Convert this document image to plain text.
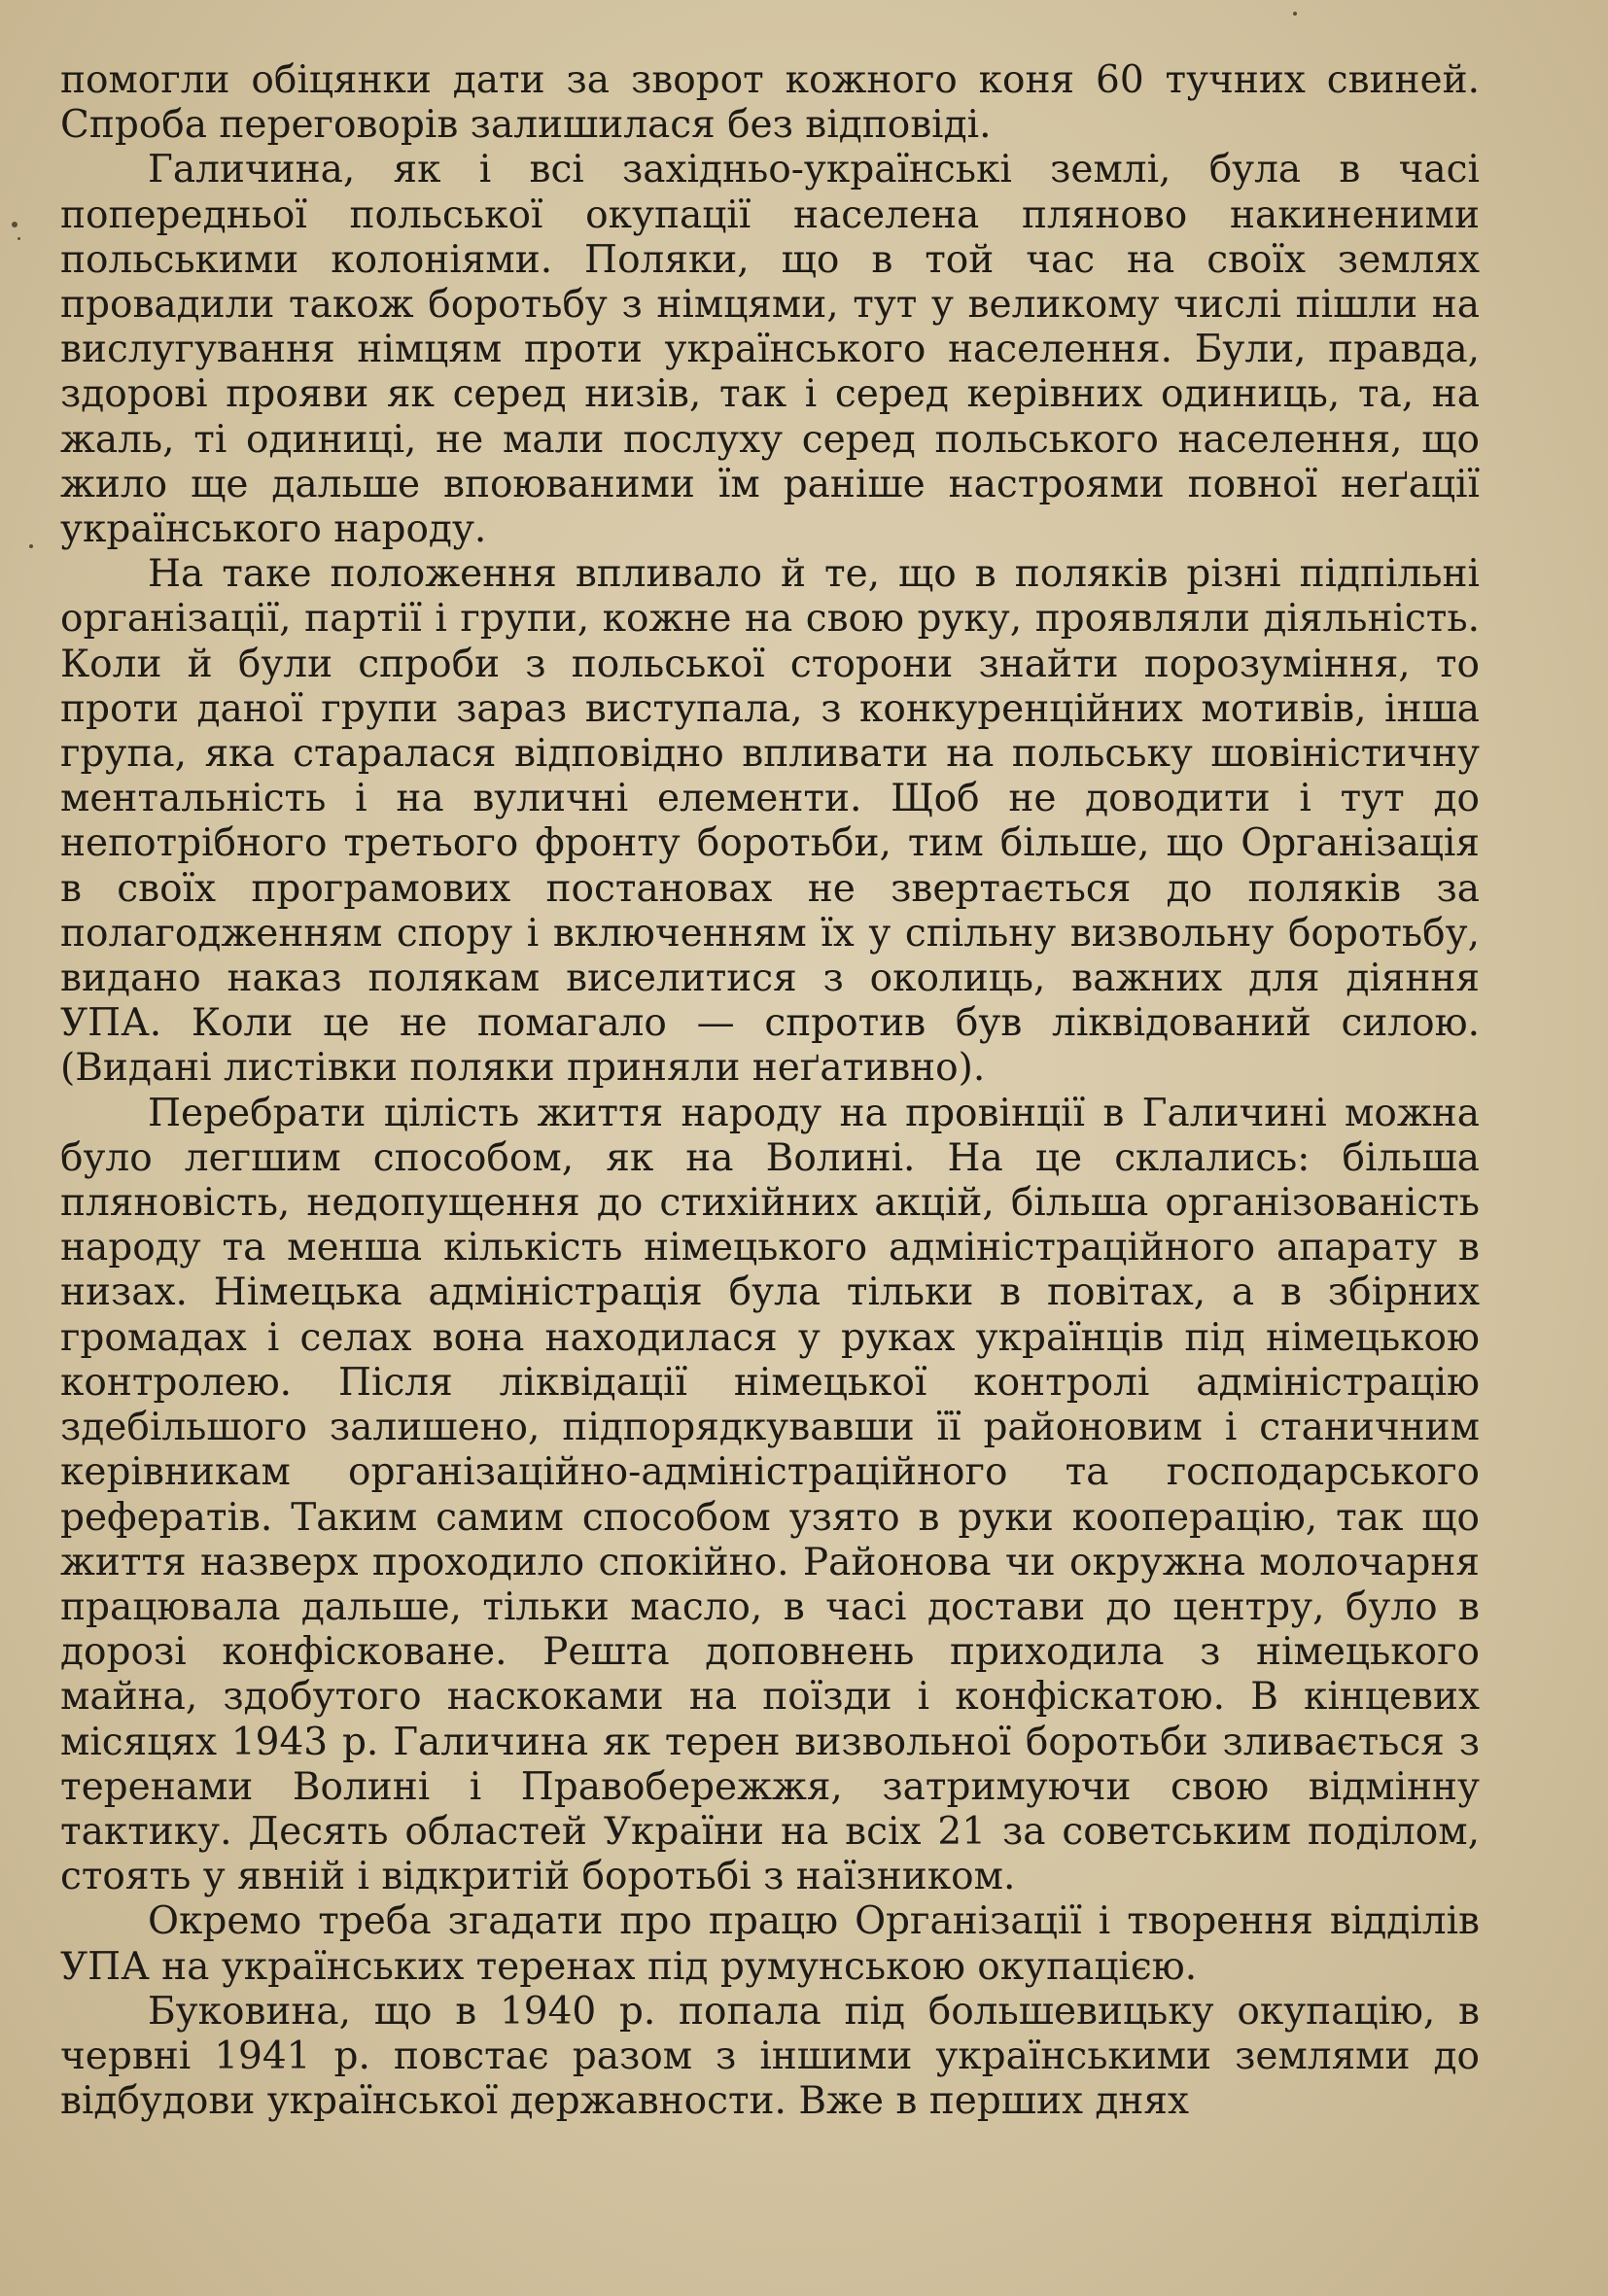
помогли обіцянки дати за зворот кожного коня 60 тучних свиней. Спроба переговорів залишилася без відповіді.

Галичина, як і всі західньо-українські землі, була в часі попередньої польської окупації населена пляново накиненими польськими колоніями. Поляки, що в той час на своїх землях провадили також боротьбу з німцями, тут у великому числі пішли на вислугування німцям проти українського населення. Були, правда, здорові прояви як серед низів, так і серед керівних одиниць, та, на жаль, ті одиниці, не мали послуху серед польського населення, що жило ще дальше впоюваними їм раніше настроями повної неґації українського народу.

На таке положення впливало й те, що в поляків різні підпільні організації, партії і групи, кожне на свою руку, проявляли діяльність. Коли й були спроби з польської сторони знайти порозуміння, то проти даної групи зараз виступала, з конкуренційних мотивів, інша група, яка старалася відповідно впливати на польську шовіністичну ментальність і на вуличні елементи. Щоб не доводити і тут до непотрібного третього фронту боротьби, тим більше, що Організація в своїх програмових постановах не звертається до поляків за полагодженням спору і включенням їх у спільну визвольну боротьбу, видано наказ полякам виселитися з околиць, важних для діяння УПА. Коли це не помагало — спротив був ліквідований силою. (Видані листівки поляки приняли неґативно).

Перебрати цілість життя народу на провінції в Галичині можна було легшим способом, як на Волині. На це склались: більша пляновість, недопущення до стихійних акцій, більша організованість народу та менша кількість німецького адміністраційного апарату в низах. Німецька адміністрація була тільки в повітах, а в збірних громадах і селах вона находилася у руках українців під німецькою контролею. Після ліквідації німецької контролі адміністрацію здебільшого залишено, підпорядкувавши її районовим і станичним керівникам організаційно-адміністраційного та господарського рефератів. Таким самим способом узято в руки кооперацію, так що життя назверх проходило спокійно. Районова чи окружна молочарня працювала дальше, тільки масло, в часі достави до центру, було в дорозі конфісковане. Решта доповнень приходила з німецького майна, здобутого наскоками на поїзди і конфіскатою. В кінцевих місяцях 1943 р. Галичина як терен визвольної боротьби зливається з теренами Волині і Правобережжя, затримуючи свою відмінну тактику. Десять областей України на всіх 21 за советським поділом, стоять у явній і відкритій боротьбі з наїзником.

Окремо треба згадати про працю Організації і творення відділів УПА на українських теренах під румунською окупацією.

Буковина, що в 1940 р. попала під большевицьку окупацію, в червні 1941 р. повстає разом з іншими українськими землями до відбудови української державности. Вже в перших днях
